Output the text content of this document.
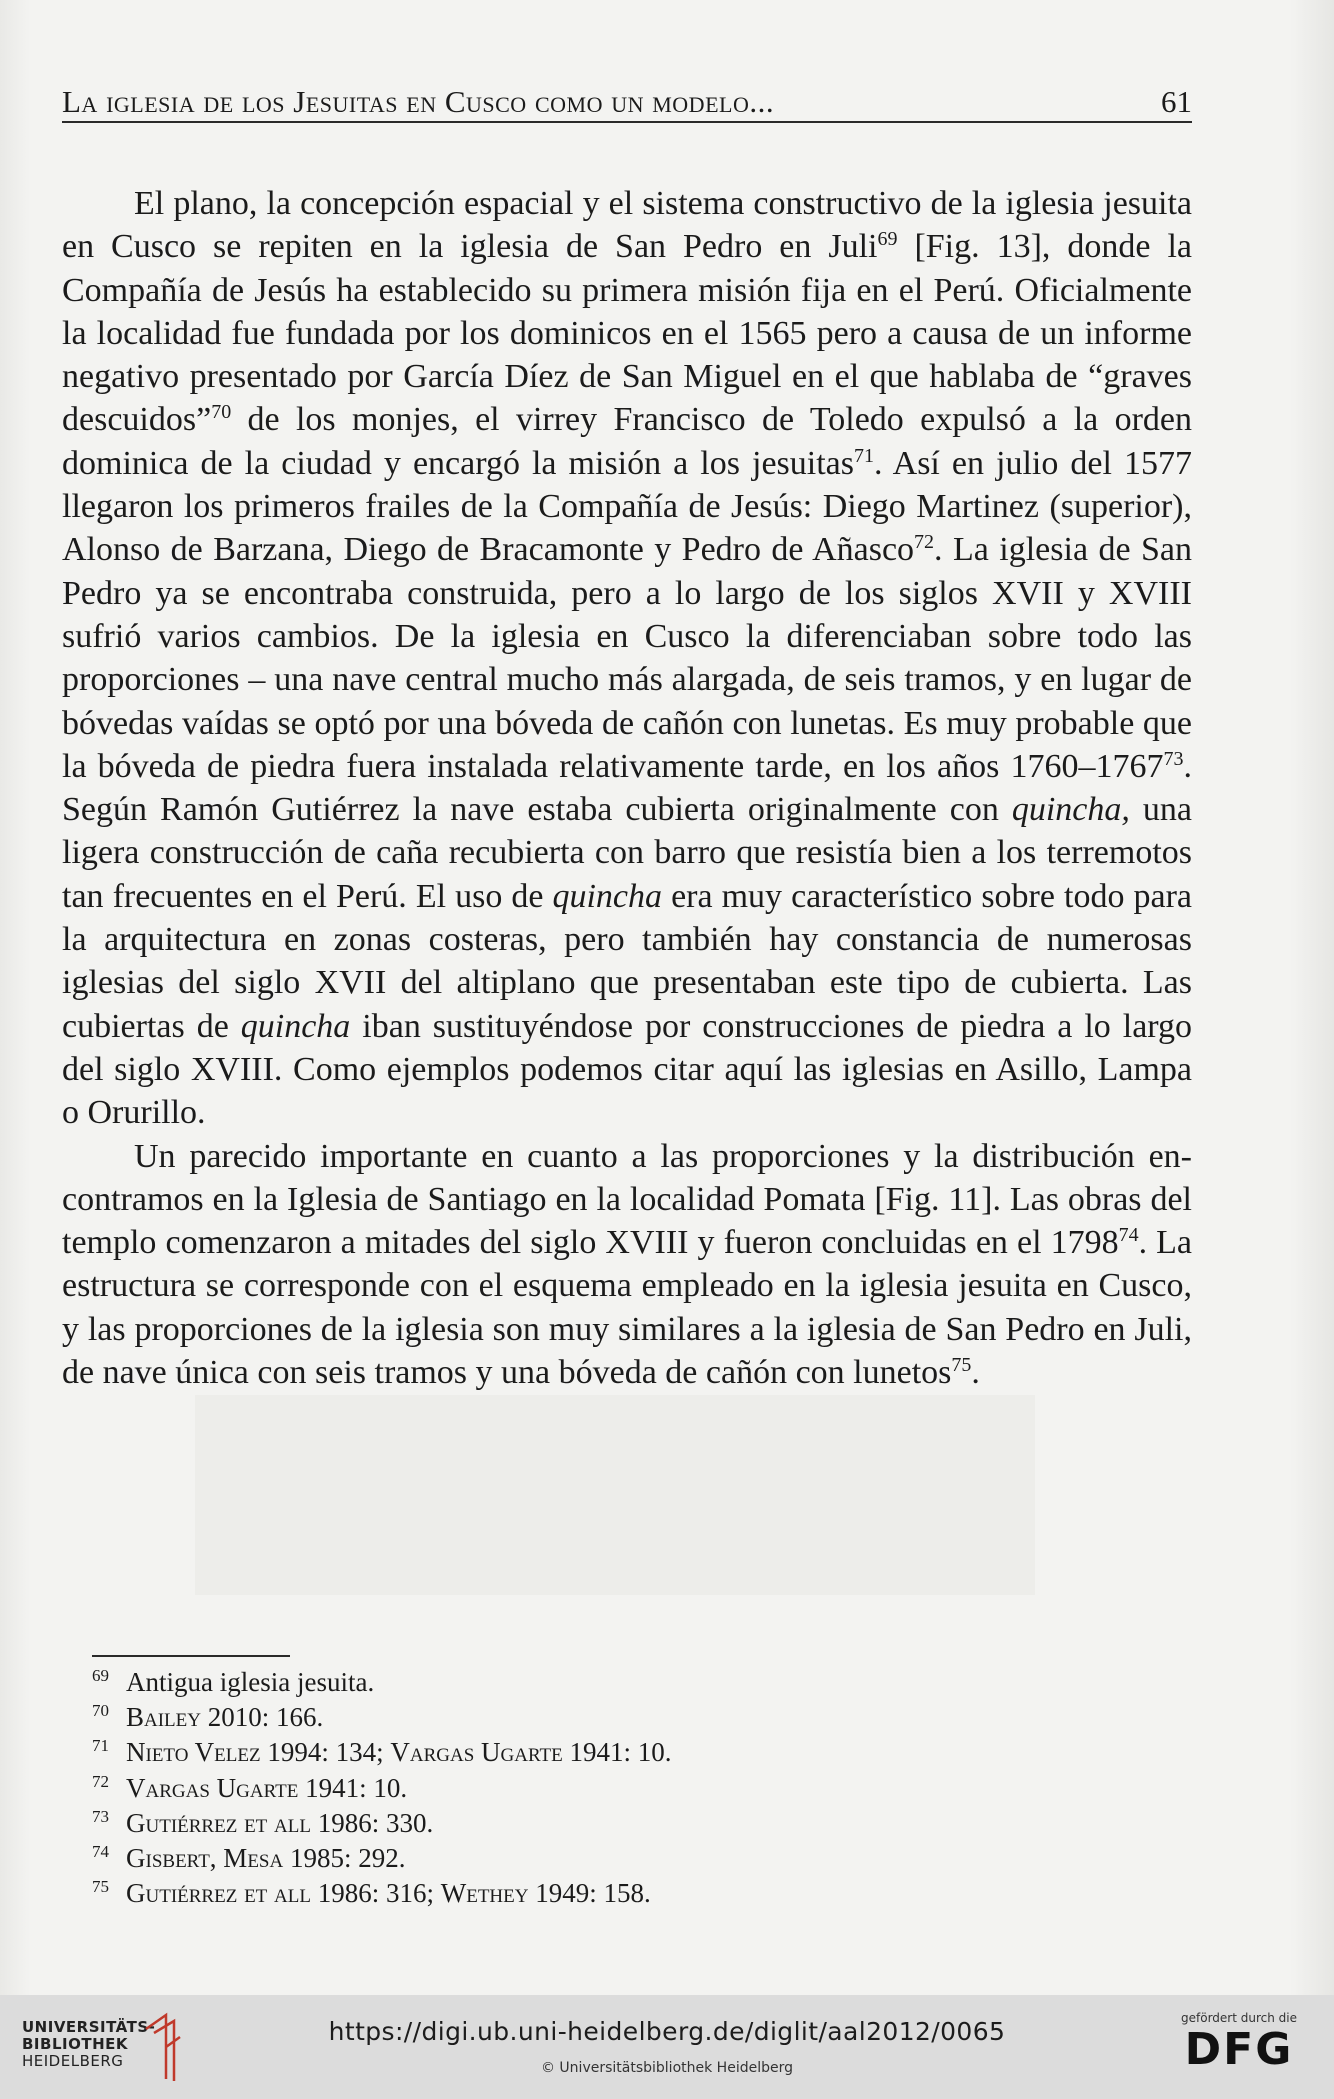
La iglesia de los Jesuitas en Cusco como un modelo...	61

El plano, la concepción espacial y el sistema constructivo de la iglesia jesuita en Cusco se repiten en la iglesia de San Pedro en Juli$^{69}$ [Fig. 13], donde la Compañía de Jesús ha establecido su primera misión fija en el Perú. Oficialmente la localidad fue fundada por los dominicos en el 1565 pero a causa de un informe negativo presentado por García Díez de San Miguel en el que hablaba de “graves descuidos”$^{70}$ de los monjes, el virrey Francisco de Toledo expulsó a la orden dominica de la ciudad y encargó la misión a los jesuitas$^{71}$. Así en julio del 1577 llegaron los primeros frailes de la Compañía de Jesús: Diego Martinez (superior), Alonso de Barzana, Diego de Bracamonte y Pedro de Añasco$^{72}$. La iglesia de San Pedro ya se encontraba construida, pero a lo largo de los siglos XVII y XVIII sufrió varios cambios. De la iglesia en Cusco la diferenciaban sobre todo las proporciones – una nave central mucho más alargada, de seis tramos, y en lugar de bóvedas vaídas se optó por una bóveda de cañón con lunetas. Es muy probable que la bóveda de piedra fuera instalada relativamente tarde, en los años 1760–1767$^{73}$. Según Ramón Gutiérrez la nave estaba cubierta originalmente con quincha, una ligera construcción de caña recubierta con barro que resistía bien a los terremotos tan frecuentes en el Perú. El uso de quincha era muy característico sobre todo para la arquitectura en zonas costeras, pero también hay constancia de numerosas iglesias del siglo XVII del altiplano que presentaban este tipo de cubierta. Las cubiertas de quincha iban sustituyéndose por construcciones de piedra a lo largo del siglo XVIII. Como ejemplos podemos citar aquí las iglesias en Asillo, Lampa o Orurillo.

Un parecido importante en cuanto a las proporciones y la distribución encontramos en la Iglesia de Santiago en la localidad Pomata [Fig. 11]. Las obras del templo comenzaron a mitades del siglo XVIII y fueron concluidas en el 1798$^{74}$. La estructura se corresponde con el esquema empleado en la iglesia jesuita en Cusco, y las proporciones de la iglesia son muy similares a la iglesia de San Pedro en Juli, de nave única con seis tramos y una bóveda de cañón con lunetos$^{75}$.

69 Antigua iglesia jesuita.
70 Bailey 2010: 166.
71 Nieto Velez 1994: 134; Vargas Ugarte 1941: 10.
72 Vargas Ugarte 1941: 10.
73 Gutiérrez et all 1986: 330.
74 Gisbert, Mesa 1985: 292.
75 Gutiérrez et all 1986: 316; Wethey 1949: 158.
UNIVERSITÄTS-
BIBLIOTHEK
HEIDELBERG
https://digi.ub.uni-heidelberg.de/diglit/aal2012/0065
© Universitätsbibliothek Heidelberg
gefördert durch die
DFG
